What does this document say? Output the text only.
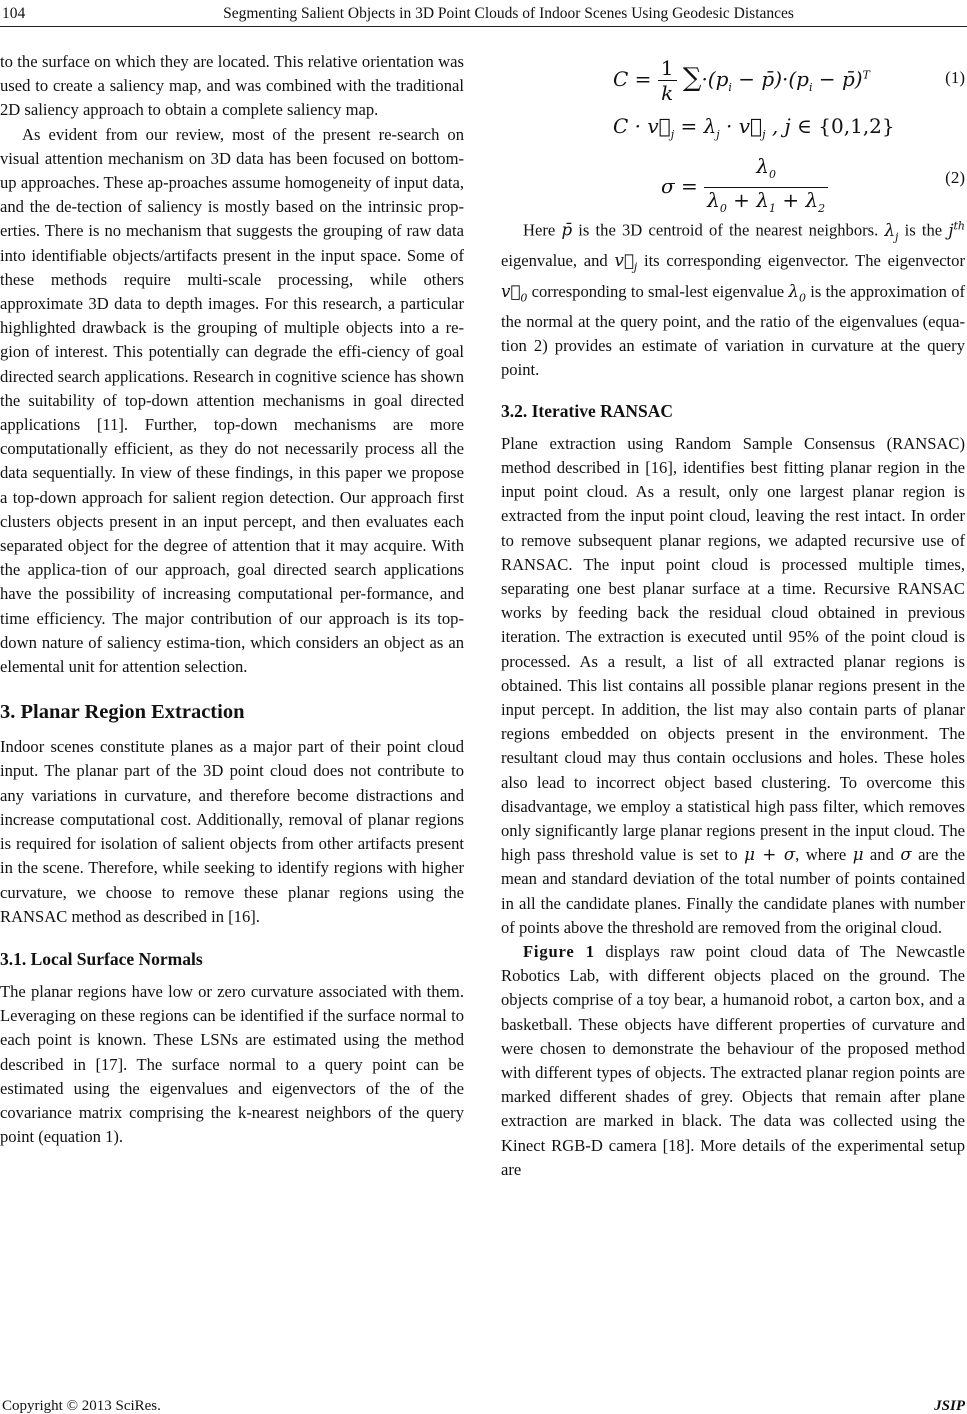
104	Segmenting Salient Objects in 3D Point Clouds of Indoor Scenes Using Geodesic Distances

to the surface on which they are located. This relative orientation was used to create a saliency map, and was combined with the traditional 2D saliency approach to obtain a complete saliency map.

As evident from our review, most of the present re-search on visual attention mechanism on 3D data has been focused on bottom-up approaches. These ap-proaches assume homogeneity of input data, and the de-tection of saliency is mostly based on the intrinsic prop-erties. There is no mechanism that suggests the grouping of raw data into identifiable objects/artifacts present in the input space. Some of these methods require multi-scale processing, while others approximate 3D data to depth images. For this research, a particular highlighted drawback is the grouping of multiple objects into a re-gion of interest. This potentially can degrade the effi-ciency of goal directed search applications. Research in cognitive science has shown the suitability of top-down attention mechanisms in goal directed applications [11]. Further, top-down mechanisms are more computationally efficient, as they do not necessarily process all the data sequentially. In view of these findings, in this paper we propose a top-down approach for salient region detection. Our approach first clusters objects present in an input percept, and then evaluates each separated object for the degree of attention that it may acquire. With the applica-tion of our approach, goal directed search applications have the possibility of increasing computational per-formance, and time efficiency. The major contribution of our approach is its top-down nature of saliency estima-tion, which considers an object as an elemental unit for attention selection.

3. Planar Region Extraction

Indoor scenes constitute planes as a major part of their point cloud input. The planar part of the 3D point cloud does not contribute to any variations in curvature, and therefore become distractions and increase computational cost. Additionally, removal of planar regions is required for isolation of salient objects from other artifacts present in the scene. Therefore, while seeking to identify regions with higher curvature, we choose to remove these planar regions using the RANSAC method as described in [16].

3.1. Local Surface Normals

The planar regions have low or zero curvature associated with them. Leveraging on these regions can be identified if the surface normal to each point is known. These LSNs are estimated using the method described in [17]. The surface normal to a query point can be estimated using the eigenvalues and eigenvectors of the of the covariance matrix comprising the k-nearest neighbors of the query point (equation 1).

$C = \frac{1}{k} \sum\cdot(p_i$ − $p̄)\cdot(p_i$ − p̄)$^T$	(1)
$C \cdot v⃗_j = \lambda_j$ · $v⃗_j$ , j ∈ {0,1,2}
$\sigma = \frac{\lambda_0}{\lambda_0 + \lambda_1 + \lambda_2}$	(2)

Here p̄ is the 3D centroid of the nearest neighbors. $\lambda_j$ is the $j^{th}$ eigenvalue, and $v⃗_j$ its corresponding eigenvector. The eigenvector $v⃗_0$ corresponding to smal-lest eigenvalue $\lambda_0$ is the approximation of the normal at the query point, and the ratio of the eigenvalues (equa-tion 2) provides an estimate of variation in curvature at the query point.

3.2. Iterative RANSAC

Plane extraction using Random Sample Consensus (RANSAC) method described in [16], identifies best fitting planar region in the input point cloud. As a result, only one largest planar region is extracted from the input point cloud, leaving the rest intact. In order to remove subsequent planar regions, we adapted recursive use of RANSAC. The input point cloud is processed multiple times, separating one best planar surface at a time. Recursive RANSAC works by feeding back the residual cloud obtained in previous iteration. The extraction is executed until 95% of the point cloud is processed. As a result, a list of all extracted planar regions is obtained. This list contains all possible planar regions present in the input percept. In addition, the list may also contain parts of planar regions embedded on objects present in the environment. The resultant cloud may thus contain occlusions and holes. These holes also lead to incorrect object based clustering. To overcome this disadvantage, we employ a statistical high pass filter, which removes only significantly large planar regions present in the input cloud. The high pass threshold value is set to μ + σ, where μ and σ are the mean and standard deviation of the total number of points contained in all the candidate planes. Finally the candidate planes with number of points above the threshold are removed from the original cloud.

Figure 1 displays raw point cloud data of The Newcastle Robotics Lab, with different objects placed on the ground. The objects comprise of a toy bear, a humanoid robot, a carton box, and a basketball. These objects have different properties of curvature and were chosen to demonstrate the behaviour of the proposed method with different types of objects. The extracted planar region points are marked different shades of grey. Objects that remain after plane extraction are marked in black. The data was collected using the Kinect RGB-D camera [18]. More details of the experimental setup are

Copyright © 2013 SciRes.	JSIP
